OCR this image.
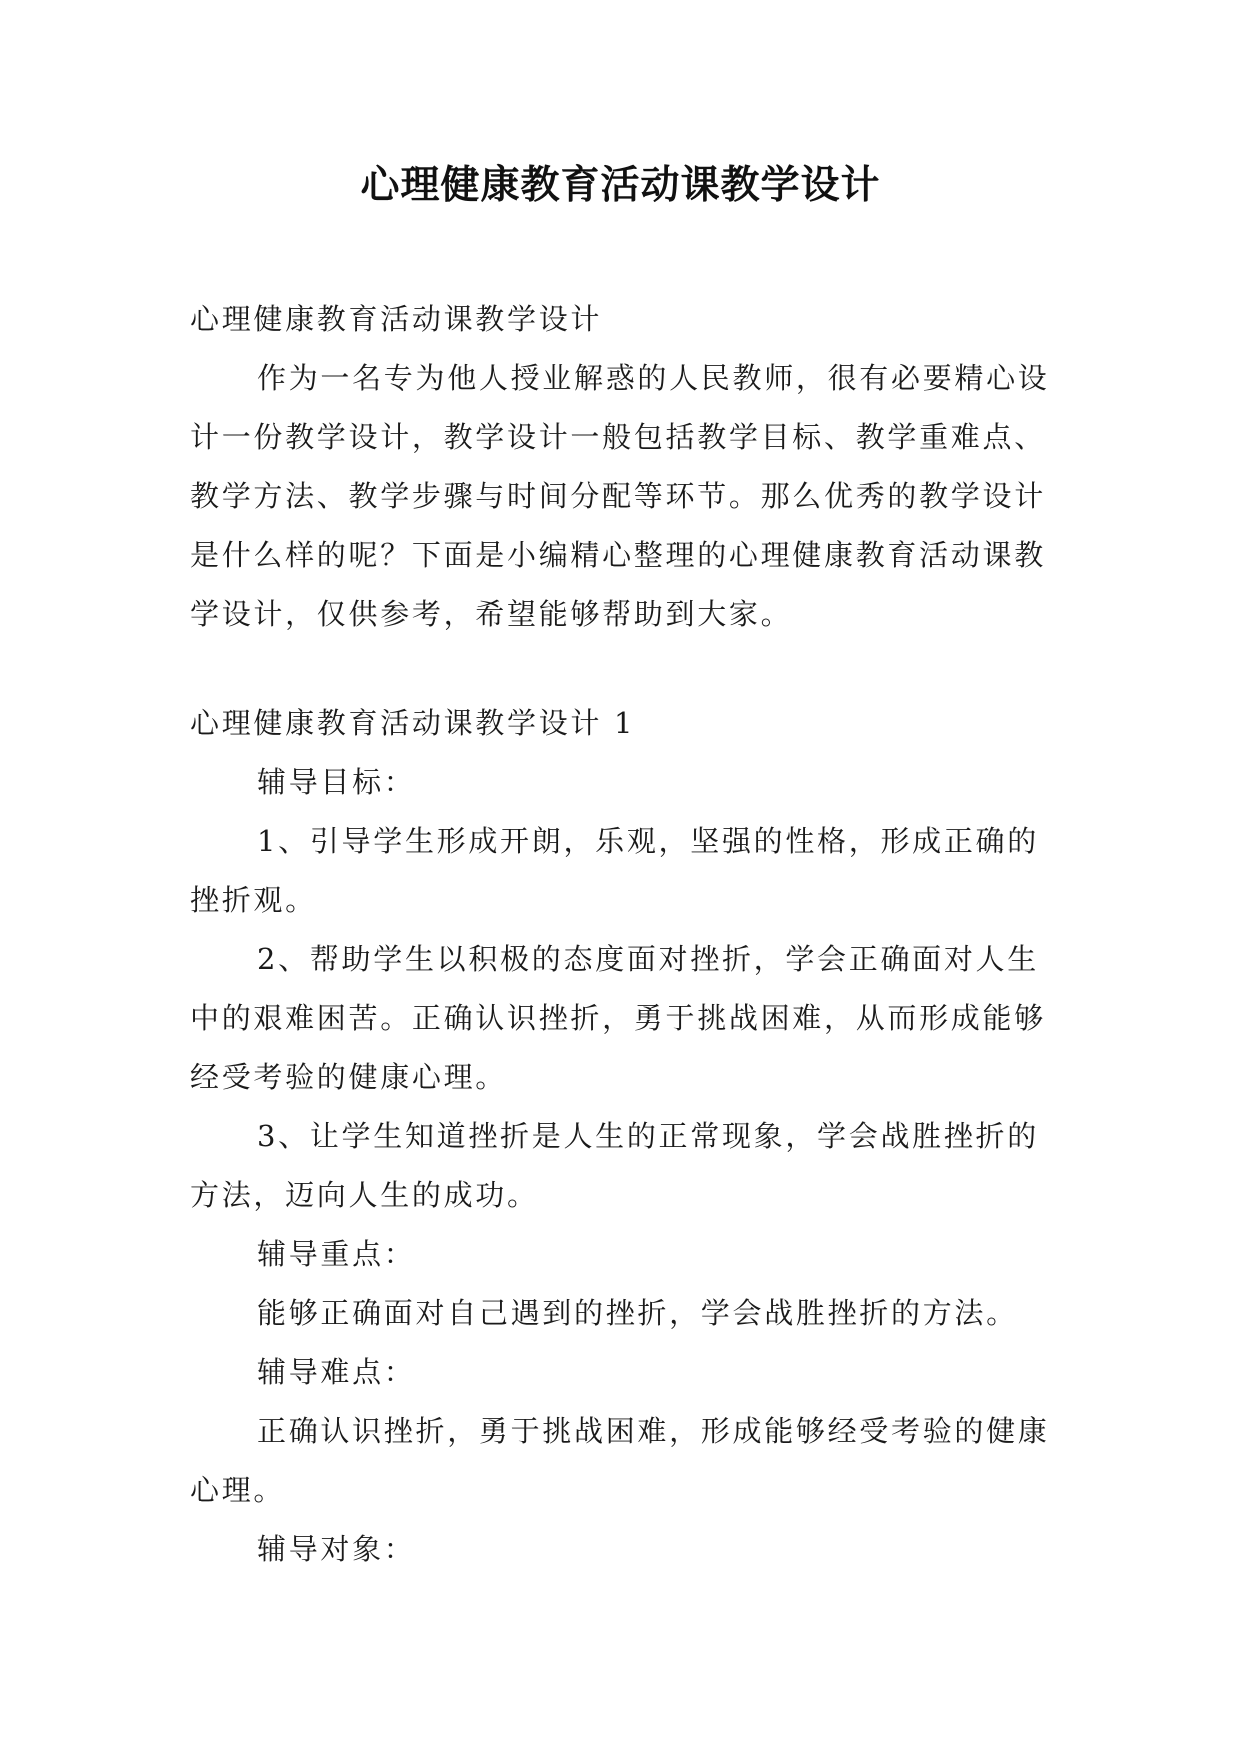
心理健康教育活动课教学设计

心理健康教育活动课教学设计

作为一名专为他人授业解惑的人民教师，很有必要精心设计一份教学设计，教学设计一般包括教学目标、教学重难点、教学方法、教学步骤与时间分配等环节。那么优秀的教学设计是什么样的呢？下面是小编精心整理的心理健康教育活动课教学设计，仅供参考，希望能够帮助到大家。

心理健康教育活动课教学设计 1

辅导目标：

1、引导学生形成开朗，乐观，坚强的性格，形成正确的挫折观。

2、帮助学生以积极的态度面对挫折，学会正确面对人生中的艰难困苦。正确认识挫折，勇于挑战困难，从而形成能够经受考验的健康心理。

3、让学生知道挫折是人生的正常现象，学会战胜挫折的方法，迈向人生的成功。

辅导重点：

能够正确面对自己遇到的挫折，学会战胜挫折的方法。

辅导难点：

正确认识挫折，勇于挑战困难，形成能够经受考验的健康心理。

辅导对象：
